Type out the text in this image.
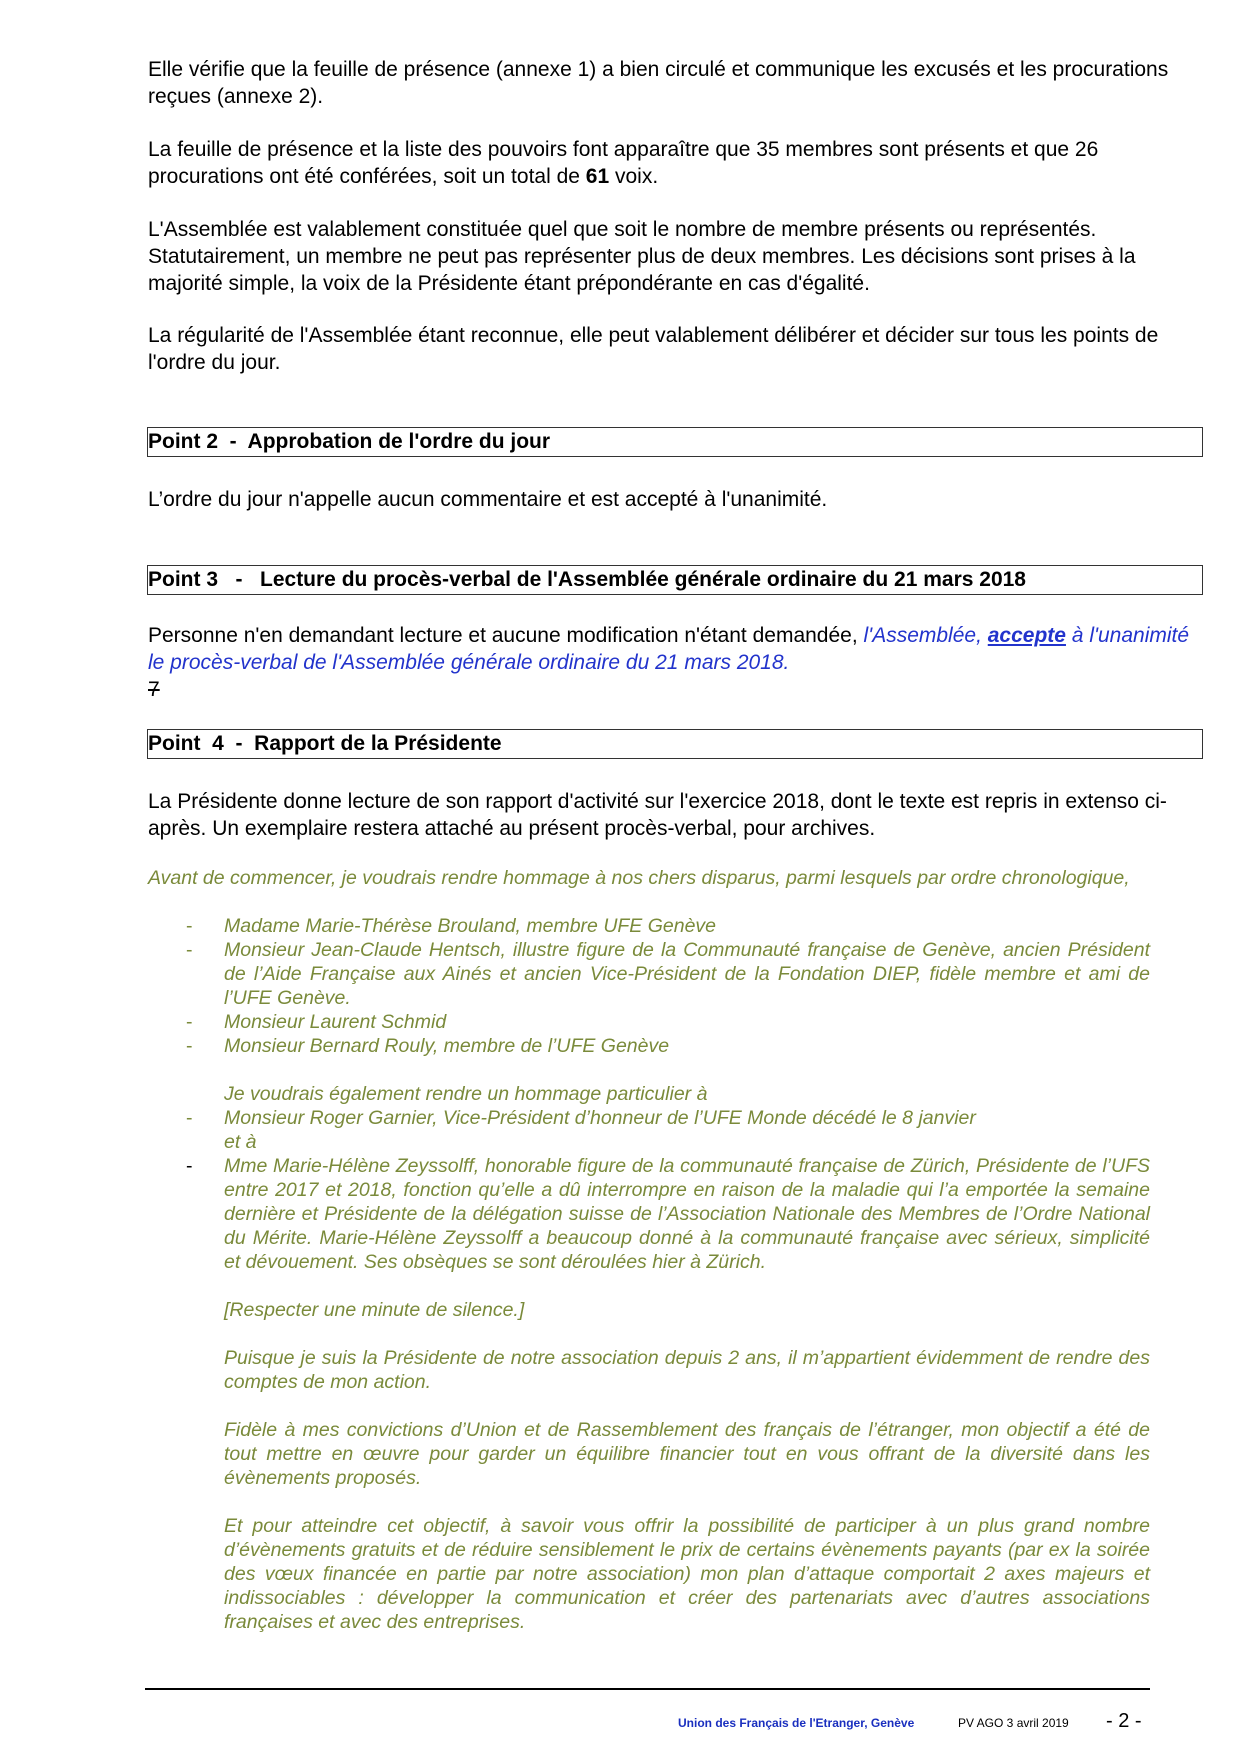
Elle vérifie que la feuille de présence (annexe 1) a bien circulé et communique les excusés et les procurations reçues (annexe 2).

La feuille de présence et la liste des pouvoirs font apparaître que 35 membres sont présents et que 26 procurations ont été conférées, soit un total de 61 voix.

L'Assemblée est valablement constituée quel que soit le nombre de membre présents ou représentés. Statutairement, un membre ne peut pas représenter plus de deux membres. Les décisions sont prises à la majorité simple, la voix de la Présidente étant prépondérante en cas d'égalité.

La régularité de l'Assemblée étant reconnue, elle peut valablement délibérer et décider sur tous les points de l'ordre du jour.

Point 2  -  Approbation de l'ordre du jour

L’ordre du jour n'appelle aucun commentaire et est accepté à l'unanimité.

Point 3   -   Lecture du procès-verbal de l'Assemblée générale ordinaire du 21 mars 2018

Personne n'en demandant lecture et aucune modification n'étant demandée, l'Assemblée, accepte à l'unanimité le procès-verbal de l'Assemblée générale ordinaire du 21 mars 2018.
7

Point  4  -  Rapport de la Présidente

La Présidente donne lecture de son rapport d'activité sur l'exercice 2018, dont le texte est repris in extenso ci-après. Un exemplaire restera attaché au présent procès-verbal, pour archives.

Avant de commencer, je voudrais rendre hommage à nos chers disparus, parmi lesquels par ordre chronologique,

- Madame Marie-Thérèse Brouland, membre UFE Genève

- Monsieur Jean-Claude Hentsch, illustre figure de la Communauté française de Genève, ancien Président de l’Aide Française aux Ainés et ancien Vice-Président de la Fondation DIEP, fidèle membre et ami de l’UFE Genève.

- Monsieur Laurent Schmid

- Monsieur Bernard Rouly, membre de l’UFE Genève

Je voudrais également rendre un hommage particulier à

- Monsieur Roger Garnier, Vice-Président d’honneur de l’UFE Monde décédé le 8 janvier

et à

- Mme Marie-Hélène Zeyssolff, honorable figure de la communauté française de Zürich, Présidente de l’UFS entre 2017 et 2018, fonction qu’elle a dû interrompre en raison de la maladie qui l’a emportée la semaine dernière et Présidente de la délégation suisse de l’Association Nationale des Membres de l’Ordre National du Mérite. Marie-Hélène Zeyssolff a beaucoup donné à la communauté française avec sérieux, simplicité et dévouement. Ses obsèques se sont déroulées hier à Zürich.

[Respecter une minute de silence.]

Puisque je suis la Présidente de notre association depuis 2 ans, il m’appartient évidemment de rendre des comptes de mon action.

Fidèle à mes convictions d’Union et de Rassemblement des français de l’étranger, mon objectif a été de tout mettre en œuvre pour garder un équilibre financier tout en vous offrant de la diversité dans les évènements proposés.

Et pour atteindre cet objectif, à savoir vous offrir la possibilité de participer à un plus grand nombre d’évènements gratuits et de réduire sensiblement le prix de certains évènements payants (par ex la soirée des vœux financée en partie par notre association) mon plan d’attaque comportait 2 axes majeurs et indissociables : développer la communication et créer des partenariats avec d’autres associations françaises et avec des entreprises.

Union des Français de l'Etranger, Genève	PV AGO 3 avril 2019 - 2 -
